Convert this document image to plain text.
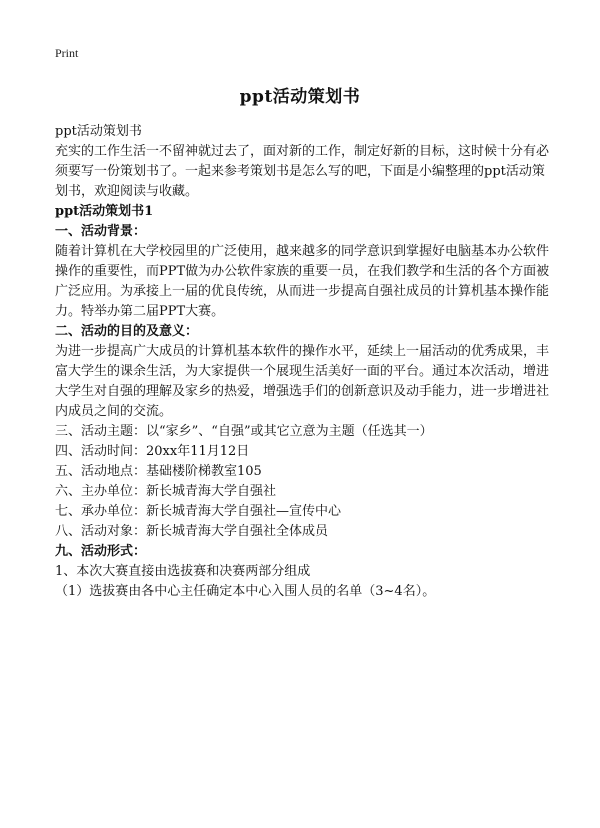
Print
ppt活动策划书

ppt活动策划书

充实的工作生活一不留神就过去了，面对新的工作，制定好新的目标，这时候十分有必须要写一份策划书了。一起来参考策划书是怎么写的吧，下面是小编整理的ppt活动策划书，欢迎阅读与收藏。

ppt活动策划书1

一、活动背景：

随着计算机在大学校园里的广泛使用，越来越多的同学意识到掌握好电脑基本办公软件操作的重要性，而PPT做为办公软件家族的重要一员，在我们教学和生活的各个方面被广泛应用。为承接上一届的优良传统，从而进一步提高自强社成员的计算机基本操作能力。特举办第二届PPT大赛。

二、活动的目的及意义：

为进一步提高广大成员的计算机基本软件的操作水平，延续上一届活动的优秀成果，丰富大学生的课余生活，为大家提供一个展现生活美好一面的平台。通过本次活动，增进大学生对自强的理解及家乡的热爱，增强选手们的创新意识及动手能力，进一步增进社内成员之间的交流。

三、活动主题：以“家乡”、“自强”或其它立意为主题（任选其一）

四、活动时间：20xx年11月12日

五、活动地点：基础楼阶梯教室105

六、主办单位：新长城青海大学自强社

七、承办单位：新长城青海大学自强社—宣传中心

八、活动对象：新长城青海大学自强社全体成员

九、活动形式：

1、本次大赛直接由选拔赛和决赛两部分组成

（1）选拔赛由各中心主任确定本中心入围人员的名单（3~4名）。
